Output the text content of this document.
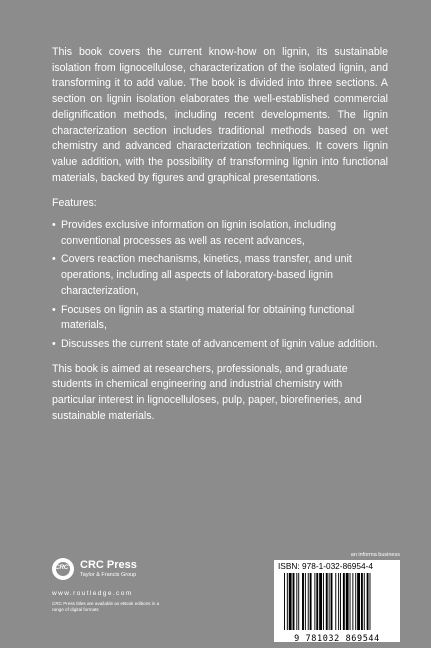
This book covers the current know-how on lignin, its sustainable isolation from lignocellulose, characterization of the isolated lignin, and transforming it to add value. The book is divided into three sections. A section on lignin isolation elaborates the well-established commercial delignification methods, including recent developments. The lignin characterization section includes traditional methods based on wet chemistry and advanced characterization techniques. It covers lignin value addition, with the possibility of transforming lignin into functional materials, backed by figures and graphical presentations.

Features:

• Provides exclusive information on lignin isolation, including conventional processes as well as recent advances,
• Covers reaction mechanisms, kinetics, mass transfer, and unit operations, including all aspects of laboratory-based lignin characterization,
• Focuses on lignin as a starting material for obtaining functional materials,
• Discusses the current state of advancement of lignin value addition.

This book is aimed at researchers, professionals, and graduate students in chemical engineering and industrial chemistry with particular interest in lignocelluloses, pulp, paper, biorefineries, and sustainable materials.

CRC CRC Press
Taylor & Francis Group
www.routledge.com
CRC Press titles are available as eBook editions in a range of digital formats
an informa business
ISBN: 978-1-032-86954-4
9 781032 869544
